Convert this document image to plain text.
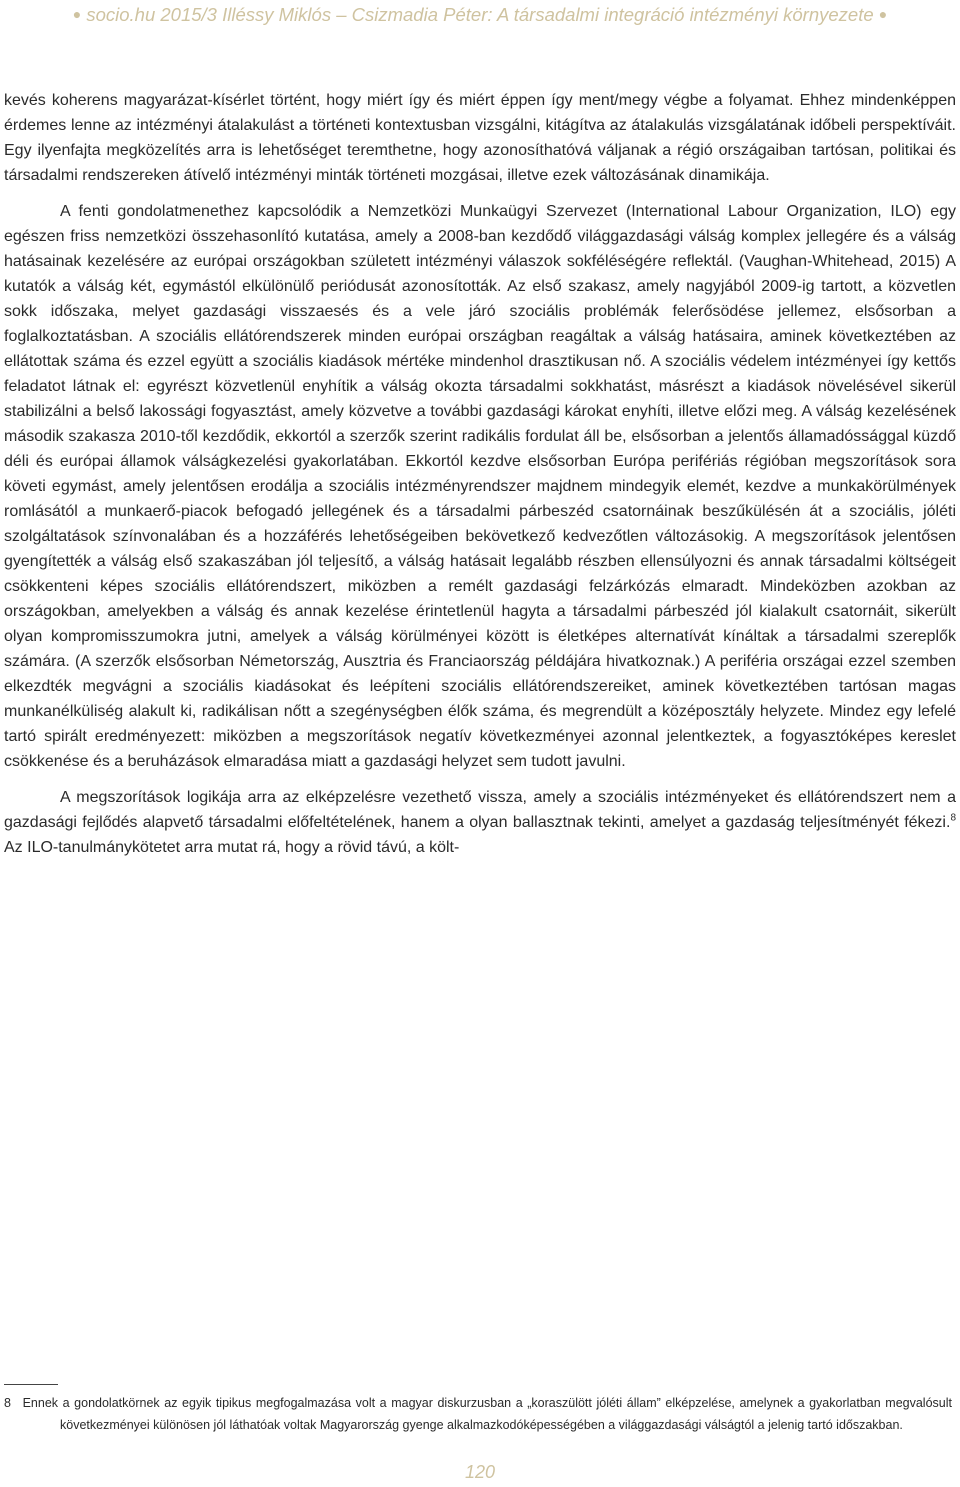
● socio.hu 2015/3 Illéssy Miklós – Csizmadia Péter: A társadalmi integráció intézményi környezete ●

kevés koherens magyarázat-kísérlet történt, hogy miért így és miért éppen így ment/megy végbe a folyamat. Ehhez mindenképpen érdemes lenne az intézményi átalakulást a történeti kontextusban vizsgálni, kitágítva az átalakulás vizsgálatának időbeli perspektíváit. Egy ilyenfajta megközelítés arra is lehetőséget teremthetne, hogy azonosíthatóvá váljanak a régió országaiban tartósan, politikai és társadalmi rendszereken átívelő intézményi minták történeti mozgásai, illetve ezek változásának dinamikája.

A fenti gondolatmenethez kapcsolódik a Nemzetközi Munkaügyi Szervezet (International Labour Organization, ILO) egy egészen friss nemzetközi összehasonlító kutatása, amely a 2008-ban kezdődő világgazdasági válság komplex jellegére és a válság hatásainak kezelésére az európai országokban született intézményi válaszok sokféléségére reflektál. (Vaughan-Whitehead, 2015) A kutatók a válság két, egymástól elkülönülő periódusát azonosították. Az első szakasz, amely nagyjából 2009-ig tartott, a közvetlen sokk időszaka, melyet gazdasági visszaesés és a vele járó szociális problémák felerősödése jellemez, elsősorban a foglalkoztatásban. A szociális ellátórendszerek minden európai országban reagáltak a válság hatásaira, aminek következtében az ellátottak száma és ezzel együtt a szociális kiadások mértéke mindenhol drasztikusan nő. A szociális védelem intézményei így kettős feladatot látnak el: egyrészt közvetlenül enyhítik a válság okozta társadalmi sokkhatást, másrészt a kiadások növelésével sikerül stabilizálni a belső lakossági fogyasztást, amely közvetve a további gazdasági károkat enyhíti, illetve előzi meg. A válság kezelésének második szakasza 2010-től kezdődik, ekkortól a szerzők szerint radikális fordulat áll be, elsősorban a jelentős államadóssággal küzdő déli és európai államok válságkezelési gyakorlatában. Ekkortól kezdve elsősorban Európa perifériás régióban megszorítások sora követi egymást, amely jelentősen erodálja a szociális intézményrendszer majdnem mindegyik elemét, kezdve a munkakörülmények romlásától a munkaerő-piacok befogadó jellegének és a társadalmi párbeszéd csatornáinak beszűkülésén át a szociális, jóléti szolgáltatások színvonalában és a hozzáférés lehetőségeiben bekövetkező kedvezőtlen változásokig. A megszorítások jelentősen gyengítették a válság első szakaszában jól teljesítő, a válság hatásait legalább részben ellensúlyozni és annak társadalmi költségeit csökkenteni képes szociális ellátórendszert, miközben a remélt gazdasági felzárkózás elmaradt. Mindeközben azokban az országokban, amelyekben a válság és annak kezelése érintetlenül hagyta a társadalmi párbeszéd jól kialakult csatornáit, sikerült olyan kompromisszumokra jutni, amelyek a válság körülményei között is életképes alternatívát kínáltak a társadalmi szereplők számára. (A szerzők elsősorban Németország, Ausztria és Franciaország példájára hivatkoznak.) A periféria országai ezzel szemben elkezdték megvágni a szociális kiadásokat és leépíteni szociális ellátórendszereiket, aminek következtében tartósan magas munkanélküliség alakult ki, radikálisan nőtt a szegénységben élők száma, és megrendült a középosztály helyzete. Mindez egy lefelé tartó spirált eredményezett: miközben a megszorítások negatív következményei azonnal jelentkeztek, a fogyasztóképes kereslet csökkenése és a beruházások elmaradása miatt a gazdasági helyzet sem tudott javulni.

A megszorítások logikája arra az elképzelésre vezethető vissza, amely a szociális intézményeket és ellátórendszert nem a gazdasági fejlődés alapvető társadalmi előfeltételének, hanem a olyan ballasztnak tekinti, amelyet a gazdaság teljesítményét fékezi.$^8$ Az ILO-tanulmánykötetet arra mutat rá, hogy a rövid távú, a költ-

8 Ennek a gondolatkörnek az egyik tipikus megfogalmazása volt a magyar diskurzusban a „koraszülött jóléti állam” elképzelése, amelynek a gyakorlatban megvalósult következményei különösen jól láthatóak voltak Magyarország gyenge alkalmazkodóképességében a világgazdasági válságtól a jelenig tartó időszakban.
120
